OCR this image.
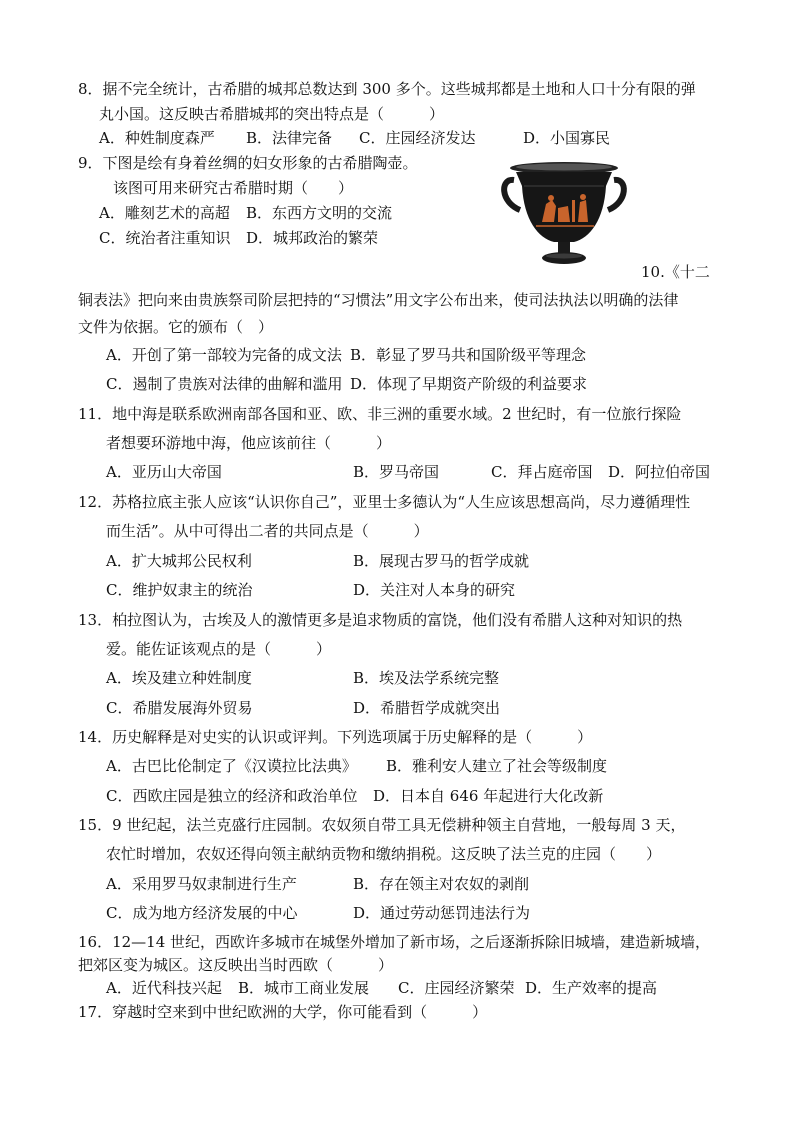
8．据不完全统计，古希腊的城邦总数达到 300 多个。这些城邦都是土地和人口十分有限的弹
丸小国。这反映古希腊城邦的突出特点是（　　　）
A．种姓制度森严 B．法律完备 C．庄园经济发达	D．小国寡民
9．下图是绘有身着丝绸的妇女形象的古希腊陶壶。
该图可用来研究古希腊时期（　　）
A．雕刻艺术的高超 B．东西方文明的交流
C．统治者注重知识 D．城邦政治的繁荣
10.《十二
铜表法》把向来由贵族祭司阶层把持的“习惯法”用文字公布出来，使司法执法以明确的法律
文件为依据。它的颁布（　）
A．开创了第一部较为完备的成文法 B．彰显了罗马共和国阶级平等理念
C．遏制了贵族对法律的曲解和滥用 D．体现了早期资产阶级的利益要求
11．地中海是联系欧洲南部各国和亚、欧、非三洲的重要水域。2 世纪时，有一位旅行探险
者想要环游地中海，他应该前往（　　　）
A．亚历山大帝国	B．罗马帝国	C．拜占庭帝国 D．阿拉伯帝国
12．苏格拉底主张人应该“认识你自己”，亚里士多德认为“人生应该思想高尚，尽力遵循理性
而生活”。从中可得出二者的共同点是（　　　）
A．扩大城邦公民权利	B．展现古罗马的哲学成就
C．维护奴隶主的统治	D．关注对人本身的研究
13．柏拉图认为，古埃及人的激情更多是追求物质的富饶，他们没有希腊人这种对知识的热
爱。能佐证该观点的是（　　　）
A．埃及建立种姓制度	B．埃及法学系统完整
C．希腊发展海外贸易	D．希腊哲学成就突出
14．历史解释是对史实的认识或评判。下列选项属于历史解释的是（　　　）
A．古巴比伦制定了《汉谟拉比法典》 B．雅利安人建立了社会等级制度
C．西欧庄园是独立的经济和政治单位 D．日本自 646 年起进行大化改新
15．9 世纪起，法兰克盛行庄园制。农奴须自带工具无偿耕种领主自营地，一般每周 3 天，
农忙时增加，农奴还得向领主献纳贡物和缴纳捐税。这反映了法兰克的庄园（　　）
A．采用罗马奴隶制进行生产	B．存在领主对农奴的剥削
C．成为地方经济发展的中心	D．通过劳动惩罚违法行为
16．12—14 世纪，西欧许多城市在城堡外增加了新市场，之后逐渐拆除旧城墙，建造新城墙，
把郊区变为城区。这反映出当时西欧（　　　）
A．近代科技兴起 B．城市工商业发展 C．庄园经济繁荣 D．生产效率的提高
17．穿越时空来到中世纪欧洲的大学，你可能看到（　　　）
